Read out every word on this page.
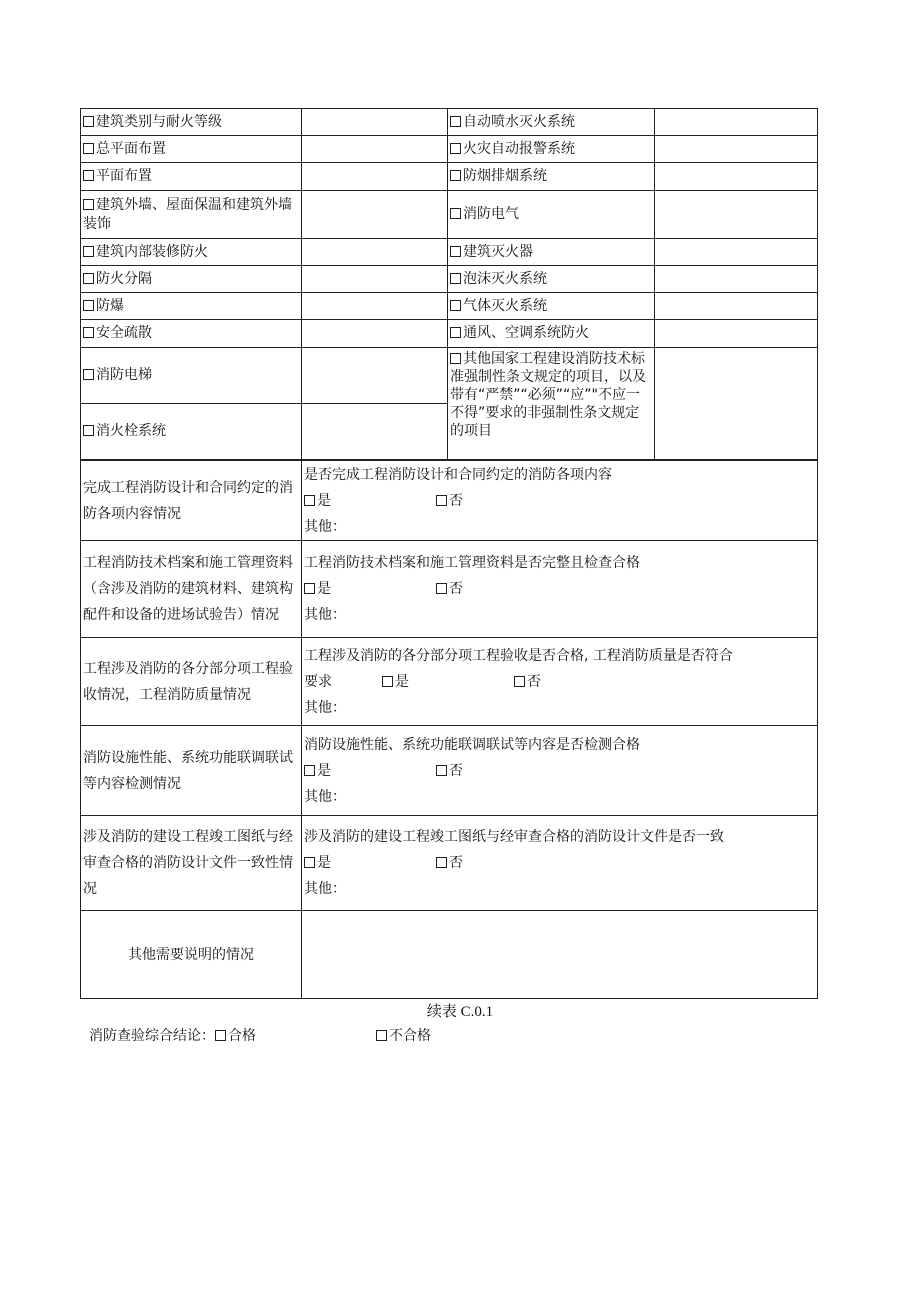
建筑类别与耐火等级		自动喷水灭火系统	
总平面布置		火灾自动报警系统	
平面布置		防烟排烟系统	
建筑外墙、屋面保温和建筑外墙装饰		消防电气	
建筑内部装修防火		建筑灭火器	
防火分隔		泡沫灭火系统	
防爆		气体灭火系统	
安全疏散		通风、空调系统防火	
消防电梯		其他国家工程建设消防技术标准强制性条文规定的项目，以及带有“严禁”“必须”“应”"不应一不得”要求的非强制性条文规定的项目	
消火栓系统			
完成工程消防设计和合同约定的消防各项内容情况	是否完成工程消防设计和合同约定的消防各项内容
是 否
其他：

工程消防技术档案和施工管理资料（含涉及消防的建筑材料、建筑构配件和设备的进场试验告）情况	工程消防技术档案和施工管理资料是否完整且检查合格
是 否
其他：

工程涉及消防的各分部分项工程验收情况，工程消防质量情况	工程涉及消防的各分部分项工程验收是否合格, 工程消防质量是否符合
要求 是 否
其他：

消防设施性能、系统功能联调联试等内容检测情况	消防设施性能、系统功能联调联试等内容是否检测合格
是 否
其他：

涉及消防的建设工程竣工图纸与经审查合格的消防设计文件一致性情况	涉及消防的建设工程竣工图纸与经审查合格的消防设计文件是否一致
是 否
其他：

其他需要说明的情况	
续表 C.0.1
消防查验综合结论： 合格	不合格
